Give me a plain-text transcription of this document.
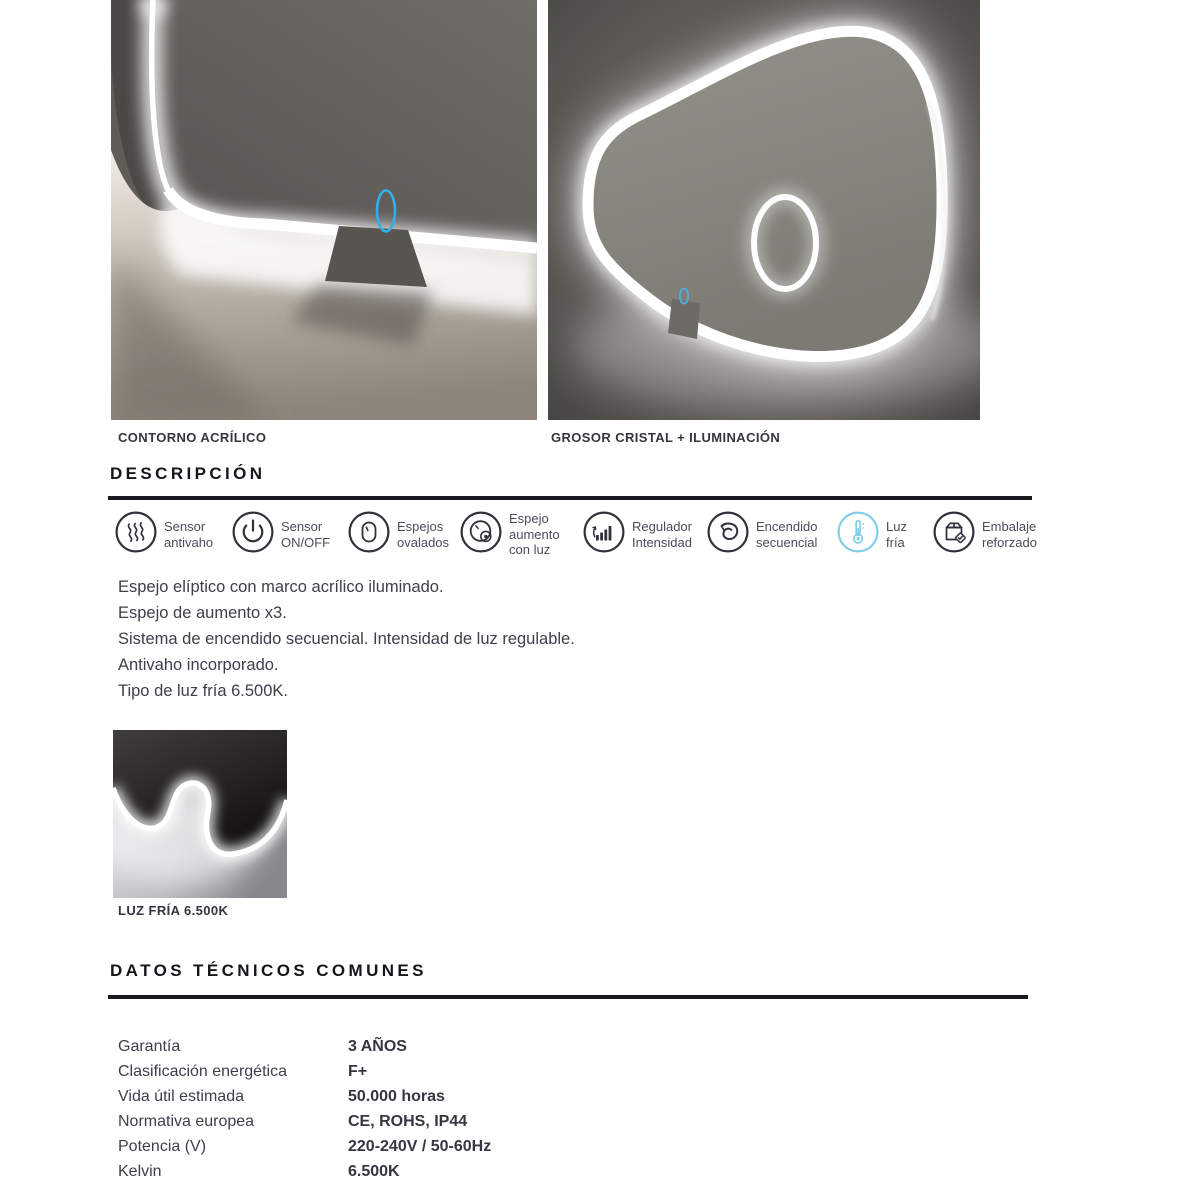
CONTORNO ACRÍLICO	GROSOR CRISTAL + ILUMINACIÓN
DESCRIPCIÓN
Sensor
antivaho
Sensor
ON/OFF
Espejos
ovalados
Espejo
aumento
con luz
Regulador
Intensidad
Encendido
secuencial
Luz
fría
Embalaje
reforzado
Espejo elíptico con marco acrílico iluminado.
Espejo de aumento x3.
Sistema de encendido secuencial. Intensidad de luz regulable.
Antivaho incorporado.
Tipo de luz fría 6.500K.
LUZ FRÍA 6.500K
DATOS TÉCNICOS COMUNES
Garantía	3 AÑOS
Clasificación energética	F+
Vida útil estimada	50.000 horas
Normativa europea	CE, ROHS, IP44
Potencia (V)	220-240V / 50-60Hz
Kelvin	6.500K
